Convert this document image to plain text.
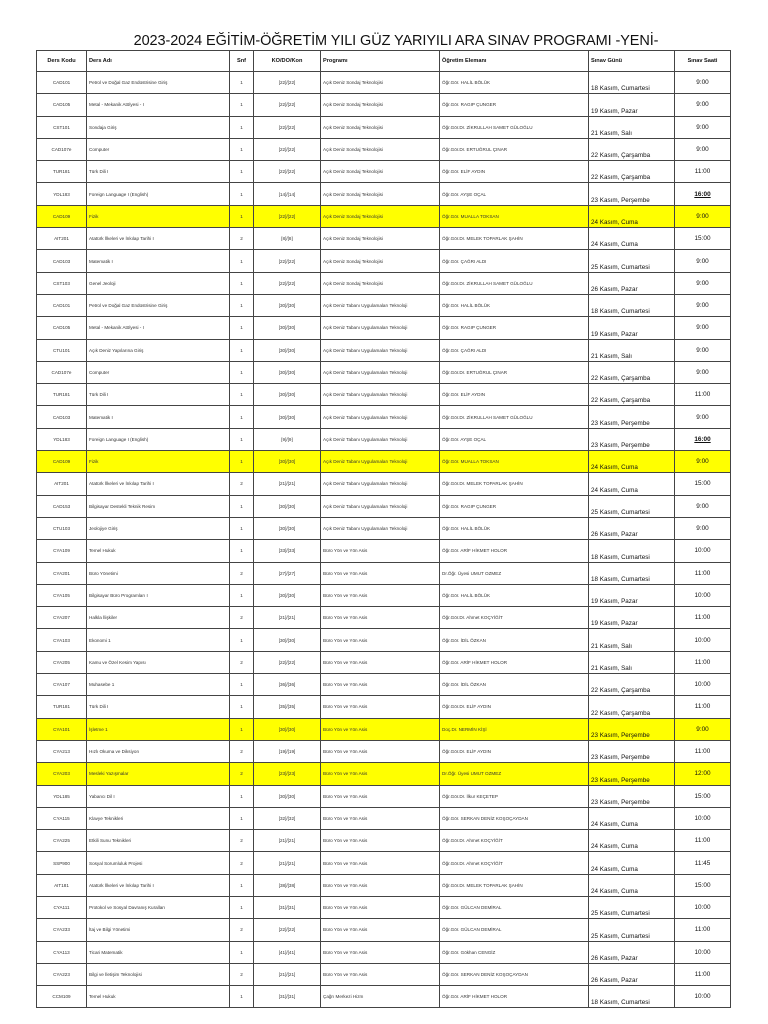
2023-2024 EĞİTİM-ÖĞRETİM YILI GÜZ YARIYILI ARA SINAV PROGRAMI -YENİ-
Ders Kodu	Ders Adı	Snf	KO/DO/Kon	Programı	Öğretim Elemanı	Sınav Günü	Sınav Saati
CAD101	Petrol ve Doğal Gaz Endüstrisine Giriş	1	[22]/[22]	Açık Deniz Sondaj Teknolojisi	Öğr.Gör. HALİL BÖLÜK	18 Kasım, Cumartesi	9:00
CAD105	Metal - Mekanik Atölyesi - I	1	[22]/[22]	Açık Deniz Sondaj Teknolojisi	Öğr.Gör. RAGIP ÇUNGER	19 Kasım, Pazar	9:00
CST101	Sondaja Giriş	1	[22]/[22]	Açık Deniz Sondaj Teknolojisi	Öğr.Gör.Dr. ZİKRULLAH SAMET GÜLOĞLU	21 Kasım, Salı	9:00
CAD107e	Computer	1	[22]/[22]	Açık Deniz Sondaj Teknolojisi	Öğr.Gör.Dr. ERTUĞRUL ÇINAR	22 Kasım, Çarşamba	9:00
TUR181	Türk Dili I	1	[22]/[22]	Açık Deniz Sondaj Teknolojisi	Öğr.Gör. ELİF AYDIN	22 Kasım, Çarşamba	11:00
YDL183	Foreign Language I (English)	1	[14]/[14]	Açık Deniz Sondaj Teknolojisi	Öğr.Gör. AYŞE OÇAL	23 Kasım, Perşembe	16:00
CAD109	Fizik	1	[22]/[22]	Açık Deniz Sondaj Teknolojisi	Öğr.Gör. MUALLA TOKSAN	24 Kasım, Cuma	9:00
AIT201	Atatürk İlkeleri ve İnkılap Tarihi I	2	[8]/[8]	Açık Deniz Sondaj Teknolojisi	Öğr.Gör.Dr. MELEK TOPARLAK ŞAHİN	24 Kasım, Cuma	15:00
CAD103	Matematik I	1	[22]/[22]	Açık Deniz Sondaj Teknolojisi	Öğr.Gör. ÇAĞRI ALDI	25 Kasım, Cumartesi	9:00
CST103	Genel Jeoloji	1	[22]/[22]	Açık Deniz Sondaj Teknolojisi	Öğr.Gör.Dr. ZİKRULLAH SAMET GÜLOĞLU	26 Kasım, Pazar	9:00
CAD101	Petrol ve Doğal Gaz Endüstrisine Giriş	1	[30]/[30]	Açık Deniz Tabanı Uygulamaları Teknoloji	Öğr.Gör. HALİL BÖLÜK	18 Kasım, Cumartesi	9:00
CAD105	Metal - Mekanik Atölyesi - I	1	[30]/[30]	Açık Deniz Tabanı Uygulamaları Teknoloji	Öğr.Gör. RAGIP ÇUNGER	19 Kasım, Pazar	9:00
CTU101	Açık Deniz Yapılarına Giriş	1	[30]/[30]	Açık Deniz Tabanı Uygulamaları Teknoloji	Öğr.Gör. ÇAĞRI ALDI	21 Kasım, Salı	9:00
CAD107e	Computer	1	[30]/[30]	Açık Deniz Tabanı Uygulamaları Teknoloji	Öğr.Gör.Dr. ERTUĞRUL ÇINAR	22 Kasım, Çarşamba	9:00
TUR181	Türk Dili I	1	[30]/[30]	Açık Deniz Tabanı Uygulamaları Teknoloji	Öğr.Gör. ELİF AYDIN	22 Kasım, Çarşamba	11:00
CAD103	Matematik I	1	[30]/[30]	Açık Deniz Tabanı Uygulamaları Teknoloji	Öğr.Gör.Dr. ZİKRULLAH SAMET GÜLOĞLU	23 Kasım, Perşembe	9:00
YDL183	Foreign Language I (English)	1	[9]/[9]	Açık Deniz Tabanı Uygulamaları Teknoloji	Öğr.Gör. AYŞE OÇAL	23 Kasım, Perşembe	16:00
CAD109	Fizik	1	[30]/[30]	Açık Deniz Tabanı Uygulamaları Teknoloji	Öğr.Gör. MUALLA TOKSAN	24 Kasım, Cuma	9:00
AIT201	Atatürk İlkeleri ve İnkılap Tarihi I	2	[21]/[21]	Açık Deniz Tabanı Uygulamaları Teknoloji	Öğr.Gör.Dr. MELEK TOPARLAK ŞAHİN	24 Kasım, Cuma	15:00
CAD153	Bilgisayar Destekli Teknik Resim	1	[30]/[30]	Açık Deniz Tabanı Uygulamaları Teknoloji	Öğr.Gör. RAGIP ÇUNGER	25 Kasım, Cumartesi	9:00
CTU103	Jeolojiye Giriş	1	[30]/[30]	Açık Deniz Tabanı Uygulamaları Teknoloji	Öğr.Gör. HALİL BÖLÜK	26 Kasım, Pazar	9:00
CYA109	Temel Hukuk	1	[33]/[33]	Büro Yön ve Yön Asis	Öğr.Gör. ARİF HİKMET HOLOR	18 Kasım, Cumartesi	10:00
CYA201	Büro Yönetimi	2	[27]/[27]	Büro Yön ve Yön Asis	Dr.Öğr. Üyesi UMUT OZMEZ	18 Kasım, Cumartesi	11:00
CYA105	Bilgisayar Büro Programları I	1	[30]/[30]	Büro Yön ve Yön Asis	Öğr.Gör. HALİL BÖLÜK	19 Kasım, Pazar	10:00
CYA207	Halkla İlişkiler	2	[21]/[21]	Büro Yön ve Yön Asis	Öğr.Gör.Dr. Ahmet KOÇYİĞİT	19 Kasım, Pazar	11:00
CYA103	Ekonomi 1	1	[30]/[30]	Büro Yön ve Yön Asis	Öğr.Gör. İDİL ÖZKAN	21 Kasım, Salı	10:00
CYA205	Kamu ve Özel Kesim Yapısı	2	[22]/[22]	Büro Yön ve Yön Asis	Öğr.Gör. ARİF HİKMET HOLOR	21 Kasım, Salı	11:00
CYA107	Muhasebe 1	1	[36]/[36]	Büro Yön ve Yön Asis	Öğr.Gör. İDİL ÖZKAN	22 Kasım, Çarşamba	10:00
TUR181	Türk Dili I	1	[35]/[35]	Büro Yön ve Yön Asis	Öğr.Gör.Dr. ELİF AYDIN	22 Kasım, Çarşamba	11:00
CYA101	İşletme 1	1	[30]/[30]	Büro Yön ve Yön Asis	Doç.Dr. NERMİN KİŞİ	23 Kasım, Perşembe	9:00
CYA213	Hızlı Okuma ve Diksiyon	2	[19]/[19]	Büro Yön ve Yön Asis	Öğr.Gör.Dr. ELİF AYDIN	23 Kasım, Perşembe	11:00
CYA203	Mesleki Yazışmalar	2	[23]/[23]	Büro Yön ve Yön Asis	Dr.Öğr. Üyesi UMUT OZMEZ	23 Kasım, Perşembe	12:00
YDL185	Yabancı Dil I	1	[30]/[30]	Büro Yön ve Yön Asis	Öğr.Gör.Dr. İlkur KEÇETEP	23 Kasım, Perşembe	15:00
CYA115	Klavye Teknikleri	1	[32]/[32]	Büro Yön ve Yön Asis	Öğr.Gör. SERKAN DENİZ KOŞOÇAYDAN	24 Kasım, Cuma	10:00
CYA225	Etkili Sunu Teknikleri	2	[21]/[21]	Büro Yön ve Yön Asis	Öğr.Gör.Dr. Ahmet KOÇYİĞİT	24 Kasım, Cuma	11:00
SSP900	Sosyal Sorumluluk Projesi	2	[21]/[21]	Büro Yön ve Yön Asis	Öğr.Gör.Dr. Ahmet KOÇYİĞİT	24 Kasım, Cuma	11:45
AIT181	Atatürk İlkeleri ve İnkılap Tarihi I	1	[38]/[38]	Büro Yön ve Yön Asis	Öğr.Gör.Dr. MELEK TOPARLAK ŞAHİN	24 Kasım, Cuma	15:00
CYA111	Protokol ve Sosyal Davranış Kuralları	1	[31]/[31]	Büro Yön ve Yön Asis	Öğr.Gör. GÜLCAN DEMİRAL	25 Kasım, Cumartesi	10:00
CYA233	İtaj ve Bilgi Yönetimi	2	[22]/[22]	Büro Yön ve Yön Asis	Öğr.Gör. GÜLCAN DEMİRAL	25 Kasım, Cumartesi	11:00
CYA113	Ticari Matematik	1	[41]/[41]	Büro Yön ve Yön Asis	Öğr.Gör. Gökhan CENGİZ	26 Kasım, Pazar	10:00
CYA223	Bilgi ve İletişim Teknolojisi	2	[21]/[21]	Büro Yön ve Yön Asis	Öğr.Gör. SERKAN DENİZ KOŞOÇAYDAN	26 Kasım, Pazar	11:00
CCM109	Temel Hukuk	1	[31]/[31]	Çağrı Merkezi Hizm	Öğr.Gör. ARİF HİKMET HOLOR	18 Kasım, Cumartesi	10:00
